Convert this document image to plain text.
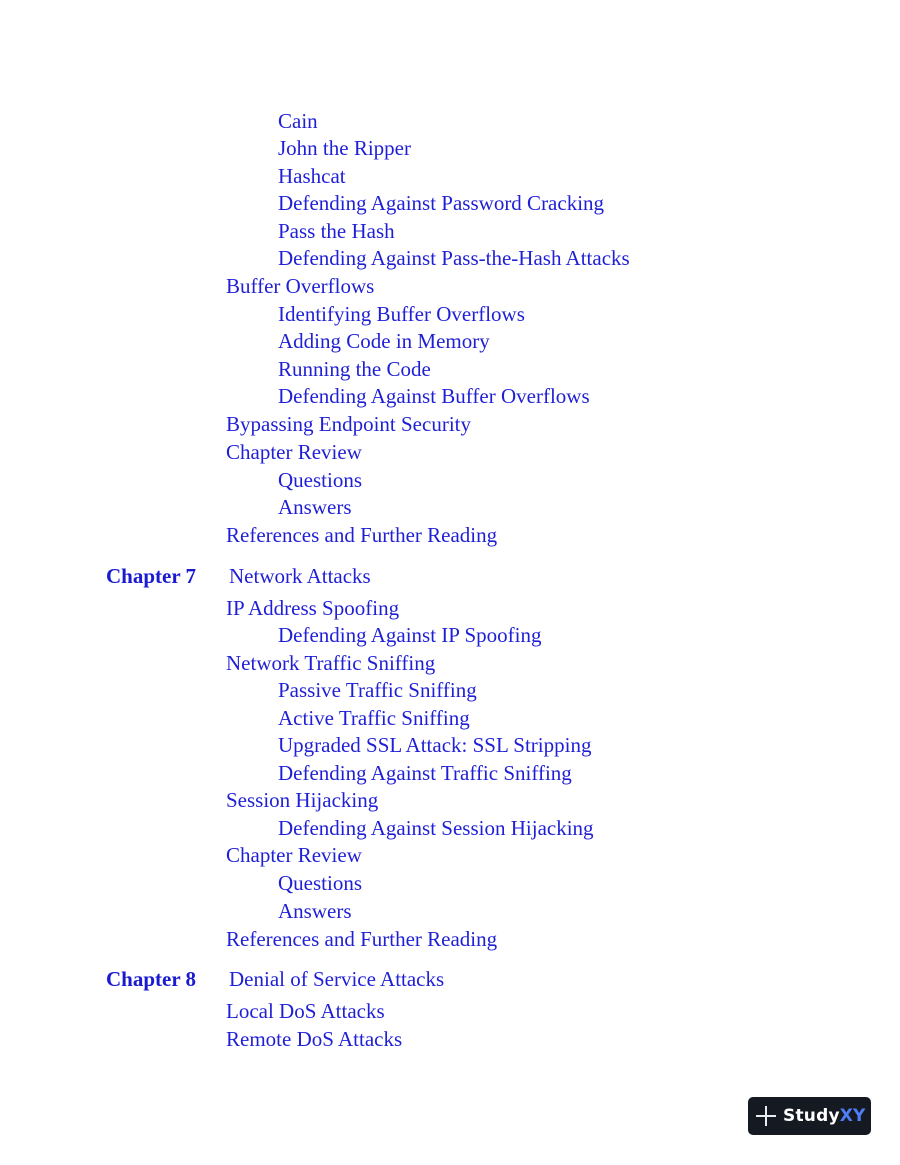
Cain
John the Ripper
Hashcat
Defending Against Password Cracking
Pass the Hash
Defending Against Pass-the-Hash Attacks
Buffer Overflows
Identifying Buffer Overflows
Adding Code in Memory
Running the Code
Defending Against Buffer Overflows
Bypassing Endpoint Security
Chapter Review
Questions
Answers
References and Further Reading
Chapter 7 Network Attacks
IP Address Spoofing
Defending Against IP Spoofing
Network Traffic Sniffing
Passive Traffic Sniffing
Active Traffic Sniffing
Upgraded SSL Attack: SSL Stripping
Defending Against Traffic Sniffing
Session Hijacking
Defending Against Session Hijacking
Chapter Review
Questions
Answers
References and Further Reading
Chapter 8 Denial of Service Attacks
Local DoS Attacks
Remote DoS Attacks
StudyXY
